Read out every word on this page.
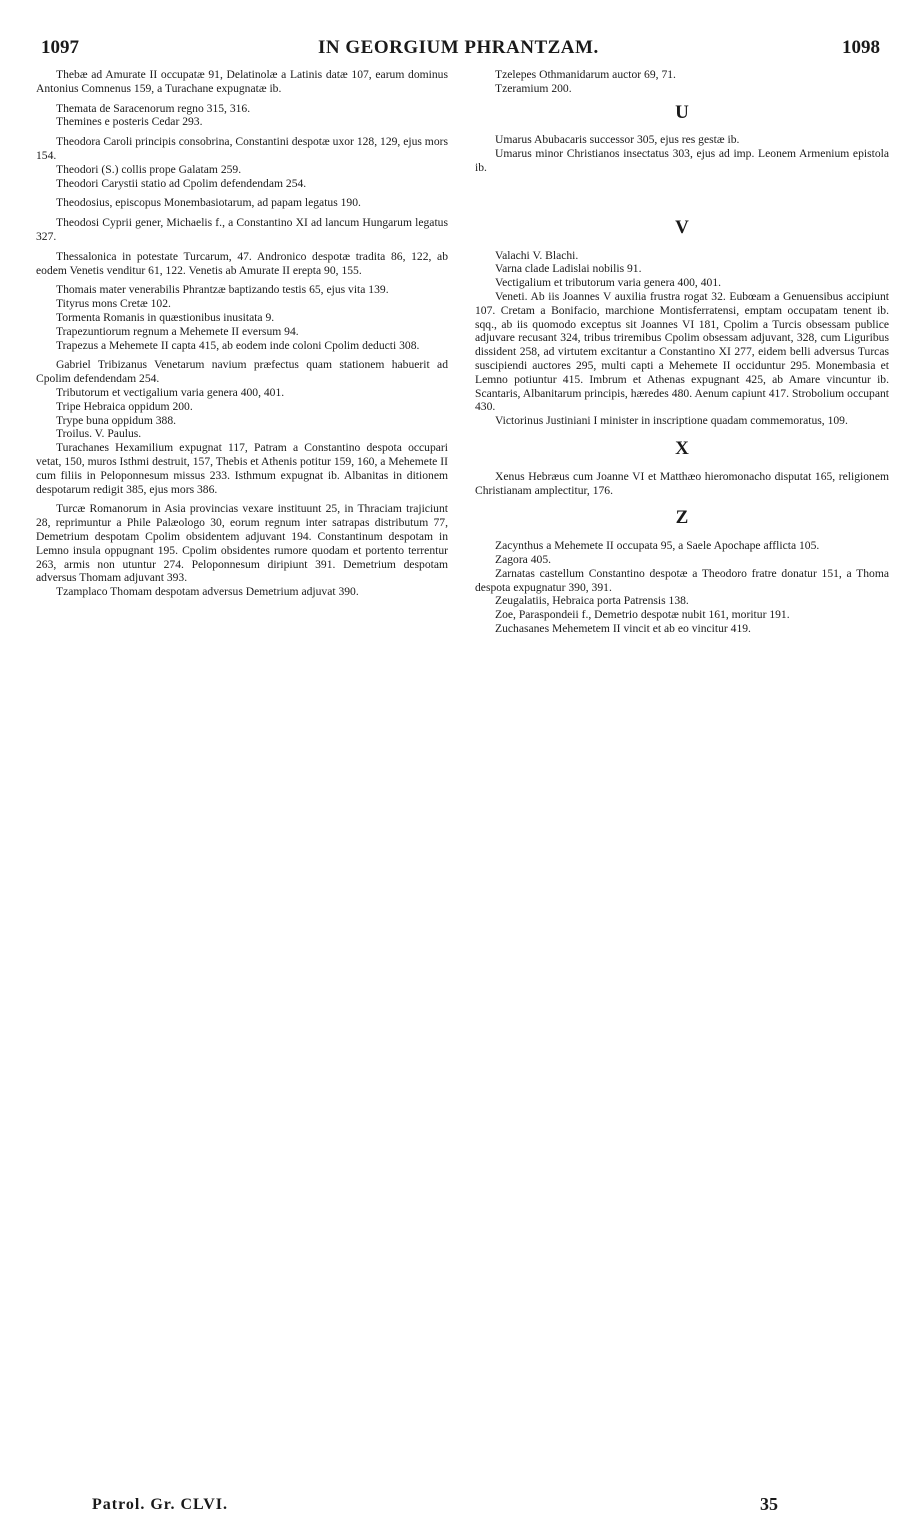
1097	IN GEORGIUM PHRANTZAM.	1098

Thebæ ad Amurate II occupatæ 91, Delatinolæ a Latinis datæ 107, earum dominus Antonius Comnenus 159, a Turachane expugnatæ ib.

Themata de Saracenorum regno 315, 316.

Themines e posteris Cedar 293.

Theodora Caroli principis consobrina, Constantini despotæ uxor 128, 129, ejus mors 154.

Theodori (S.) collis prope Galatam 259.

Theodori Carystii statio ad Cpolim defendendam 254.

Theodosius, episcopus Monembasiotarum, ad papam legatus 190.

Theodosi Cyprii gener, Michaelis f., a Constantino XI ad lancum Hungarum legatus 327.

Thessalonica in potestate Turcarum, 47. Andronico despotæ tradita 86, 122, ab eodem Venetis venditur 61, 122. Venetis ab Amurate II erepta 90, 155.

Thomais mater venerabilis Phrantzæ baptizando testis 65, ejus vita 139.

Tityrus mons Cretæ 102.

Tormenta Romanis in quæstionibus inusitata 9.

Trapezuntiorum regnum a Mehemete II eversum 94.

Trapezus a Mehemete II capta 415, ab eodem inde coloni Cpolim deducti 308.

Gabriel Tribizanus Venetarum navium præfectus quam stationem habuerit ad Cpolim defendendam 254.

Tributorum et vectigalium varia genera 400, 401.

Tripe Hebraica oppidum 200.

Trype buna oppidum 388.

Troilus. V. Paulus.

Turachanes Hexamilium expugnat 117, Patram a Constantino despota occupari vetat, 150, muros Isthmi destruit, 157, Thebis et Athenis potitur 159, 160, a Mehemete II cum filiis in Peloponnesum missus 233. Isthmum expugnat ib. Albanitas in ditionem despotarum redigit 385, ejus mors 386.

Turcæ Romanorum in Asia provincias vexare instituunt 25, in Thraciam trajiciunt 28, reprimuntur a Phile Palæologo 30, eorum regnum inter satrapas distributum 77, Demetrium despotam Cpolim obsidentem adjuvant 194. Constantinum despotam in Lemno insula oppugnant 195. Cpolim obsidentes rumore quodam et portento terrentur 263, armis non utuntur 274. Peloponnesum diripiunt 391. Demetrium despotam adversus Thomam adjuvant 393.

Tzamplaco Thomam despotam adversus Demetrium adjuvat 390.

Tzelepes Othmanidarum auctor 69, 71.

Tzeramium 200.

U

Umarus Abubacaris successor 305, ejus res gestæ ib.

Umarus minor Christianos insectatus 303, ejus ad imp. Leonem Armenium epistola ib.

V

Valachi V. Blachi.

Varna clade Ladislai nobilis 91.

Vectigalium et tributorum varia genera 400, 401.

Veneti. Ab iis Joannes V auxilia frustra rogat 32. Eubœam a Genuensibus accipiunt 107. Cretam a Bonifacio, marchione Montisferratensi, emptam occupatam tenent ib. sqq., ab iis quomodo exceptus sit Joannes VI 181, Cpolim a Turcis obsessam publice adjuvare recusant 324, tribus triremibus Cpolim obsessam adjuvant, 328, cum Liguribus dissident 258, ad virtutem excitantur a Constantino XI 277, eidem belli adversus Turcas suscipiendi auctores 295, multi capti a Mehemete II occiduntur 295. Monembasia et Lemno potiuntur 415. Imbrum et Athenas expugnant 425, ab Amare vincuntur ib. Scantaris, Albanitarum principis, hæredes 480. Aenum capiunt 417. Strobolium occupant 430.

Victorinus Justiniani I minister in inscriptione quadam commemoratus, 109.

X

Xenus Hebræus cum Joanne VI et Matthæo hieromonacho disputat 165, religionem Christianam amplectitur, 176.

Z

Zacynthus a Mehemete II occupata 95, a Saele Apochape afflicta 105.

Zagora 405.

Zarnatas castellum Constantino despotæ a Theodoro fratre donatur 151, a Thoma despota expugnatur 390, 391.

Zeugalatiis, Hebraica porta Patrensis 138.

Zoe, Paraspondeii f., Demetrio despotæ nubit 161, moritur 191.

Zuchasanes Mehemetem II vincit et ab eo vincitur 419.

Patrol. Gr. CLVI.	35
